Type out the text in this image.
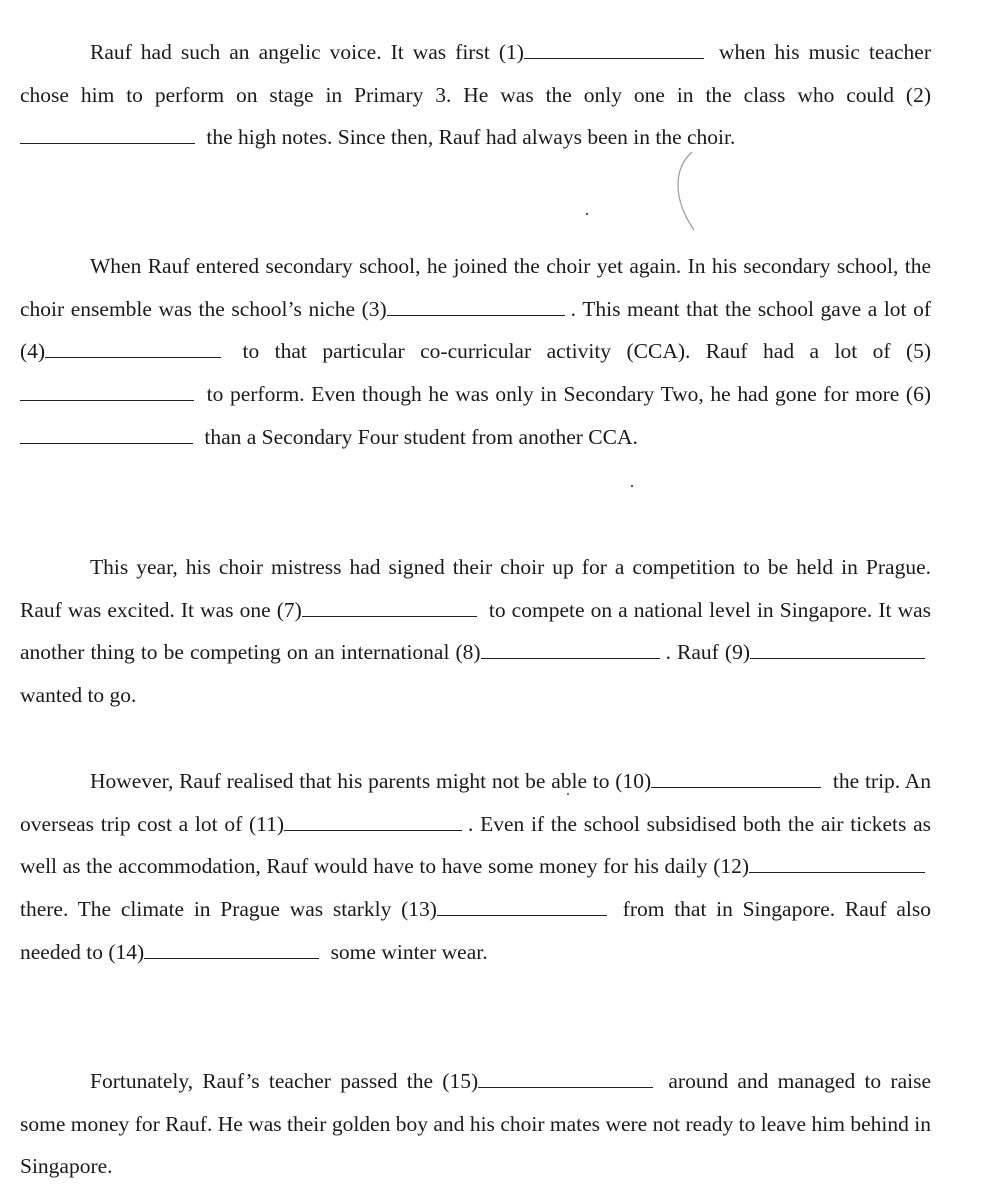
Rauf had such an angelic voice. It was first (1)	when his music teacher chose him to perform on stage in Primary 3. He was the only one in the class who could (2) the high notes. Since then, Rauf had always been in the choir.

When Rauf entered secondary school, he joined the choir yet again. In his secondary school, the choir ensemble was the school’s niche (3)	. This meant that the school gave a lot of (4)	to that particular co-curricular activity (CCA). Rauf had a lot of (5) to perform. Even though he was only in Secondary Two, he had gone for more (6) than a Secondary Four student from another CCA.

This year, his choir mistress had signed their choir up for a competition to be held in Prague. Rauf was excited. It was one (7)	to compete on a national level in Singapore. It was another thing to be competing on an international (8)	. Rauf (9) wanted to go.

However, Rauf realised that his parents might not be able to (10)	the trip. An overseas trip cost a lot of (11)	. Even if the school subsidised both the air tickets as well as the accommodation, Rauf would have to have some money for his daily (12) there. The climate in Prague was starkly (13)	from that in Singapore. Rauf also needed to (14)	some winter wear.

Fortunately, Rauf’s teacher passed the (15)	around and managed to raise some money for Rauf. He was their golden boy and his choir mates were not ready to leave him behind in Singapore.
